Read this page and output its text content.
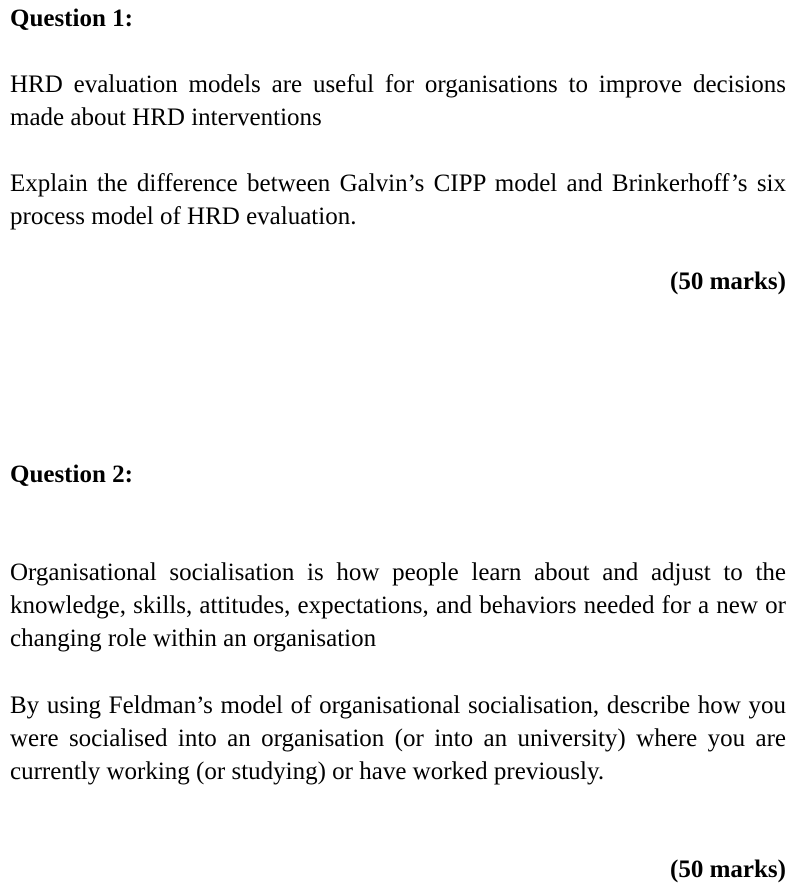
Question 1:

HRD evaluation models are useful for organisations to improve decisions made about HRD interventions

Explain the difference between Galvin’s CIPP model and Brinkerhoff’s six process model of HRD evaluation.

(50 marks)

Question 2:

Organisational socialisation is how people learn about and adjust to the knowledge, skills, attitudes, expectations, and behaviors needed for a new or changing role within an organisation

By using Feldman’s model of organisational socialisation, describe how you were socialised into an organisation (or into an university) where you are currently working (or studying) or have worked previously.

(50 marks)
